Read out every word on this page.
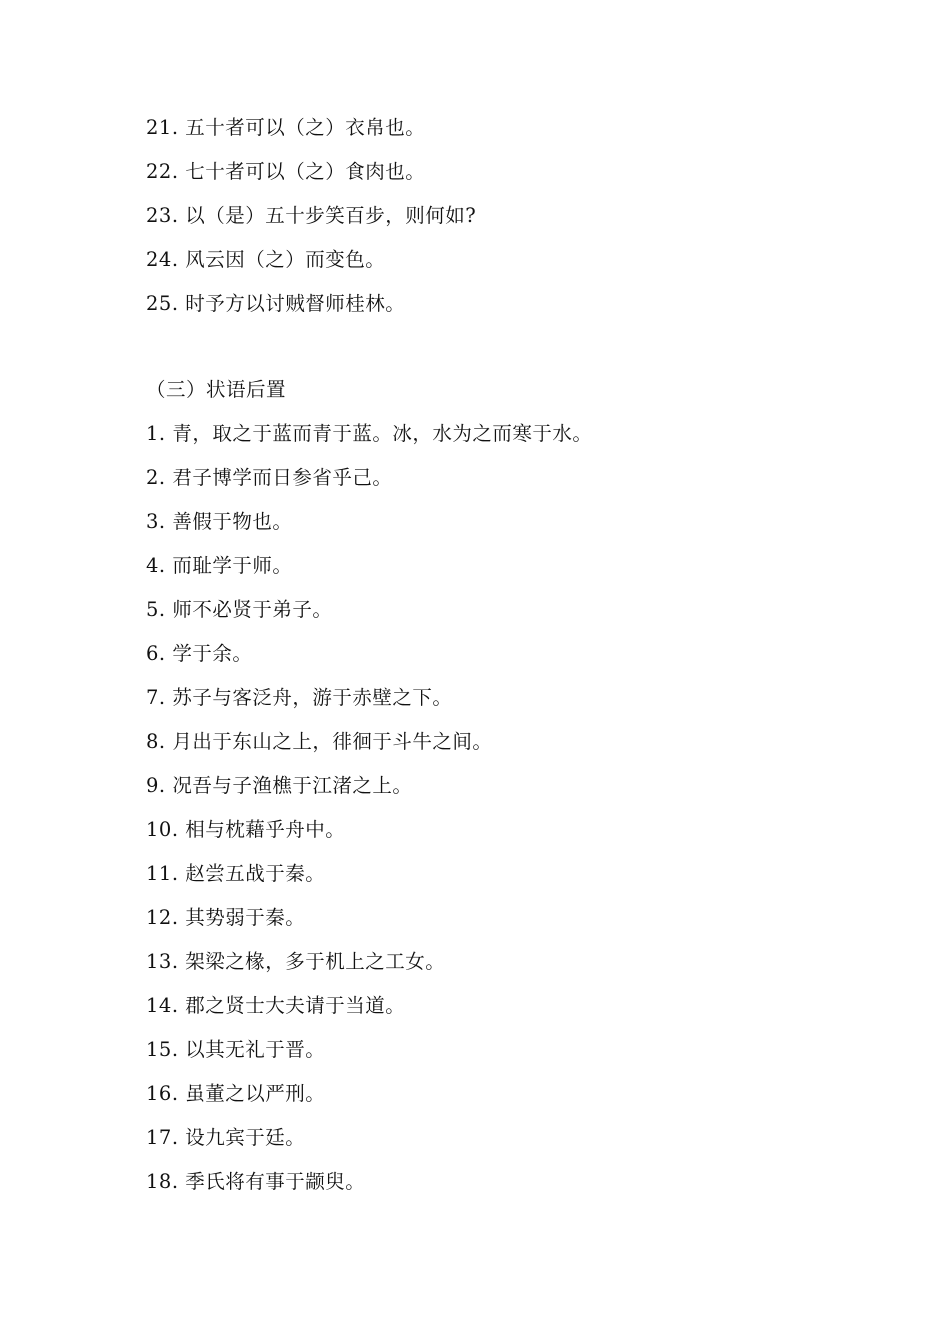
21. 五十者可以（之）衣帛也。
22. 七十者可以（之）食肉也。
23. 以（是）五十步笑百步，则何如?
24. 风云因（之）而变色。
25. 时予方以讨贼督师桂林。
（三）状语后置
1. 青，取之于蓝而青于蓝。冰，水为之而寒于水。
2. 君子博学而日参省乎己。
3. 善假于物也。
4. 而耻学于师。
5. 师不必贤于弟子。
6. 学于余。
7. 苏子与客泛舟，游于赤壁之下。
8. 月出于东山之上，徘徊于斗牛之间。
9. 况吾与子渔樵于江渚之上。
10. 相与枕藉乎舟中。
11. 赵尝五战于秦。
12. 其势弱于秦。
13. 架梁之椽，多于机上之工女。
14. 郡之贤士大夫请于当道。
15. 以其无礼于晋。
16. 虽董之以严刑。
17. 设九宾于廷。
18. 季氏将有事于颛臾。
